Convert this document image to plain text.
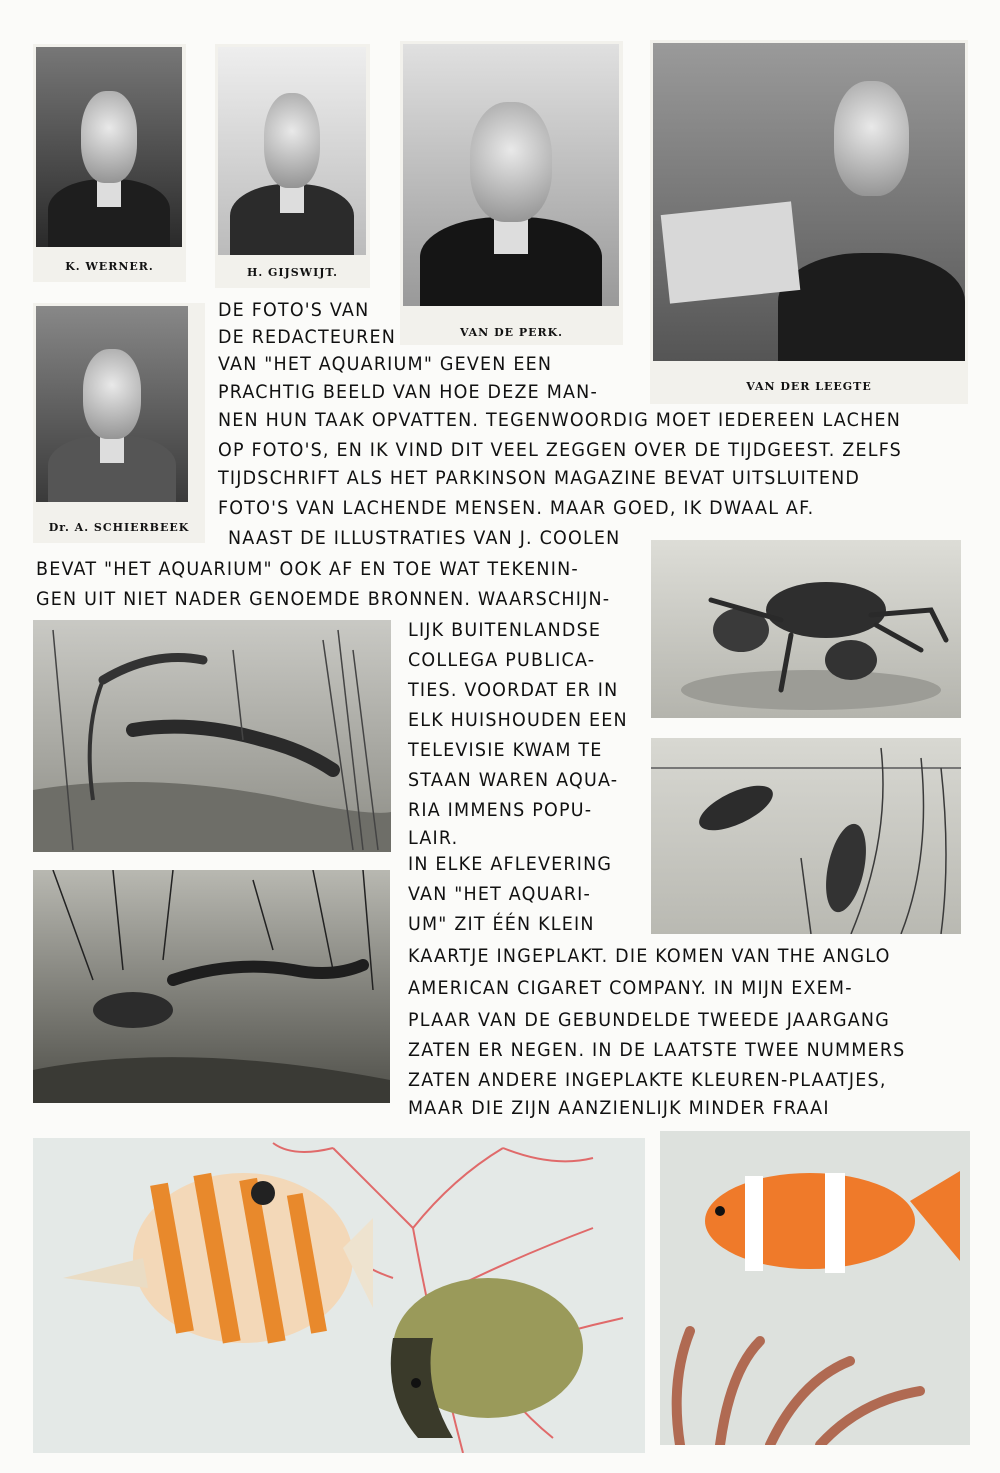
K. WERNER.	H. GIJSWIJT.
VAN DE PERK.
VAN DER LEEGTE
Dr. A. SCHIERBEEK
DE FOTO'S VAN
DE REDACTEUREN
VAN "HET AQUARIUM" GEVEN EEN
PRACHTIG BEELD VAN HOE DEZE MAN-
NEN HUN TAAK OPVATTEN. TEGENWOORDIG MOET IEDEREEN LACHEN
OP FOTO'S, EN IK VIND DIT VEEL ZEGGEN OVER DE TIJDGEEST. ZELFS
TIJDSCHRIFT ALS HET PARKINSON MAGAZINE BEVAT UITSLUITEND
FOTO'S VAN LACHENDE MENSEN. MAAR GOED, IK DWAAL AF.
NAAST DE ILLUSTRATIES VAN J. COOLEN
BEVAT "HET AQUARIUM" OOK AF EN TOE WAT TEKENIN-
GEN UIT NIET NADER GENOEMDE BRONNEN. WAARSCHIJN-
LIJK BUITENLANDSE
COLLEGA PUBLICA-
TIES. VOORDAT ER IN
ELK HUISHOUDEN EEN
TELEVISIE KWAM TE
STAAN WAREN AQUA-
RIA IMMENS POPU-
LAIR.
IN ELKE AFLEVERING
VAN "HET AQUARI-
UM" ZIT ÉÉN KLEIN
KAARTJE INGEPLAKT. DIE KOMEN VAN THE ANGLO
AMERICAN CIGARET COMPANY. IN MIJN EXEM-
PLAAR VAN DE GEBUNDELDE TWEEDE JAARGANG
ZATEN ER NEGEN. IN DE LAATSTE TWEE NUMMERS
ZATEN ANDERE INGEPLAKTE KLEUREN-PLAATJES,
MAAR DIE ZIJN AANZIENLIJK MINDER FRAAI
